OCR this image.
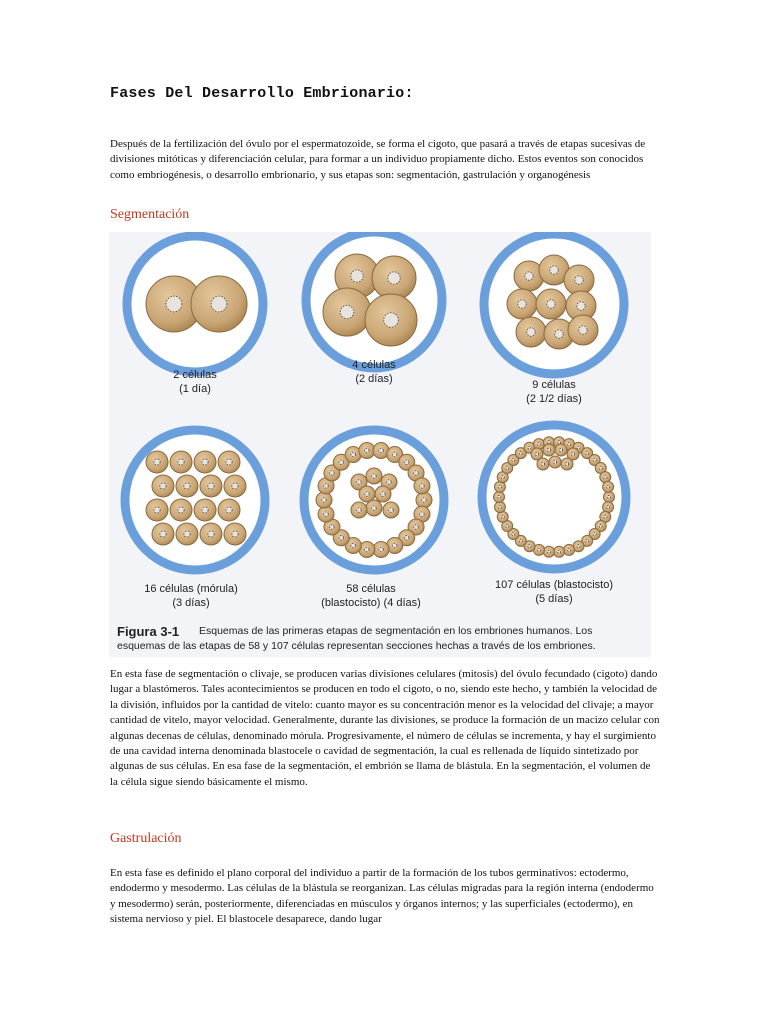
Fases Del Desarrollo Embrionario:

Después de la fertilización del óvulo por el espermatozoide, se forma el cigoto, que pasará a través de etapas sucesivas de divisiones mitóticas y diferenciación celular, para formar a un individuo propiamente dicho. Estos eventos son conocidos como embriogénesis, o desarrollo embrionario, y sus etapas son: segmentación, gastrulación y organogénesis

Segmentación
2 células
(1 día)
4 células
(2 días)	9 células
(2 1/2 días)
16 células (mórula)
(3 días)
58 células
(blastocisto) (4 días)
107 células (blastocisto)
(5 días)
Figura 3-1 Esquemas de las primeras etapas de segmentación en los embriones humanos. Los
esquemas de las etapas de 58 y 107 células representan secciones hechas a través de los embriones.

En esta fase de segmentación o clivaje, se producen varias divisiones celulares (mitosis) del óvulo fecundado (cigoto) dando lugar a blastómeros. Tales acontecimientos se producen en todo el cigoto, o no, siendo este hecho, y también la velocidad de la división, influidos por la cantidad de vitelo: cuanto mayor es su concentración menor es la velocidad del clivaje; a mayor cantidad de vitelo, mayor velocidad. Generalmente, durante las divisiones, se produce la formación de un macizo celular con algunas decenas de células, denominado mórula. Progresivamente, el número de células se incrementa, y hay el surgimiento de una cavidad interna denominada blastocele o cavidad de segmentación, la cual es rellenada de líquido sintetizado por algunas de sus células. En esa fase de la segmentación, el embrión se llama de blástula. En la segmentación, el volumen de la célula sigue siendo básicamente el mismo.

Gastrulación

En esta fase es definido el plano corporal del individuo a partir de la formación de los tubos germinativos: ectodermo, endodermo y mesodermo. Las células de la blástula se reorganizan. Las células migradas para la región interna (endodermo y mesodermo) serán, posteriormente, diferenciadas en músculos y órganos internos; y las superficiales (ectodermo), en sistema nervioso y piel. El blastocele desaparece, dando lugar
